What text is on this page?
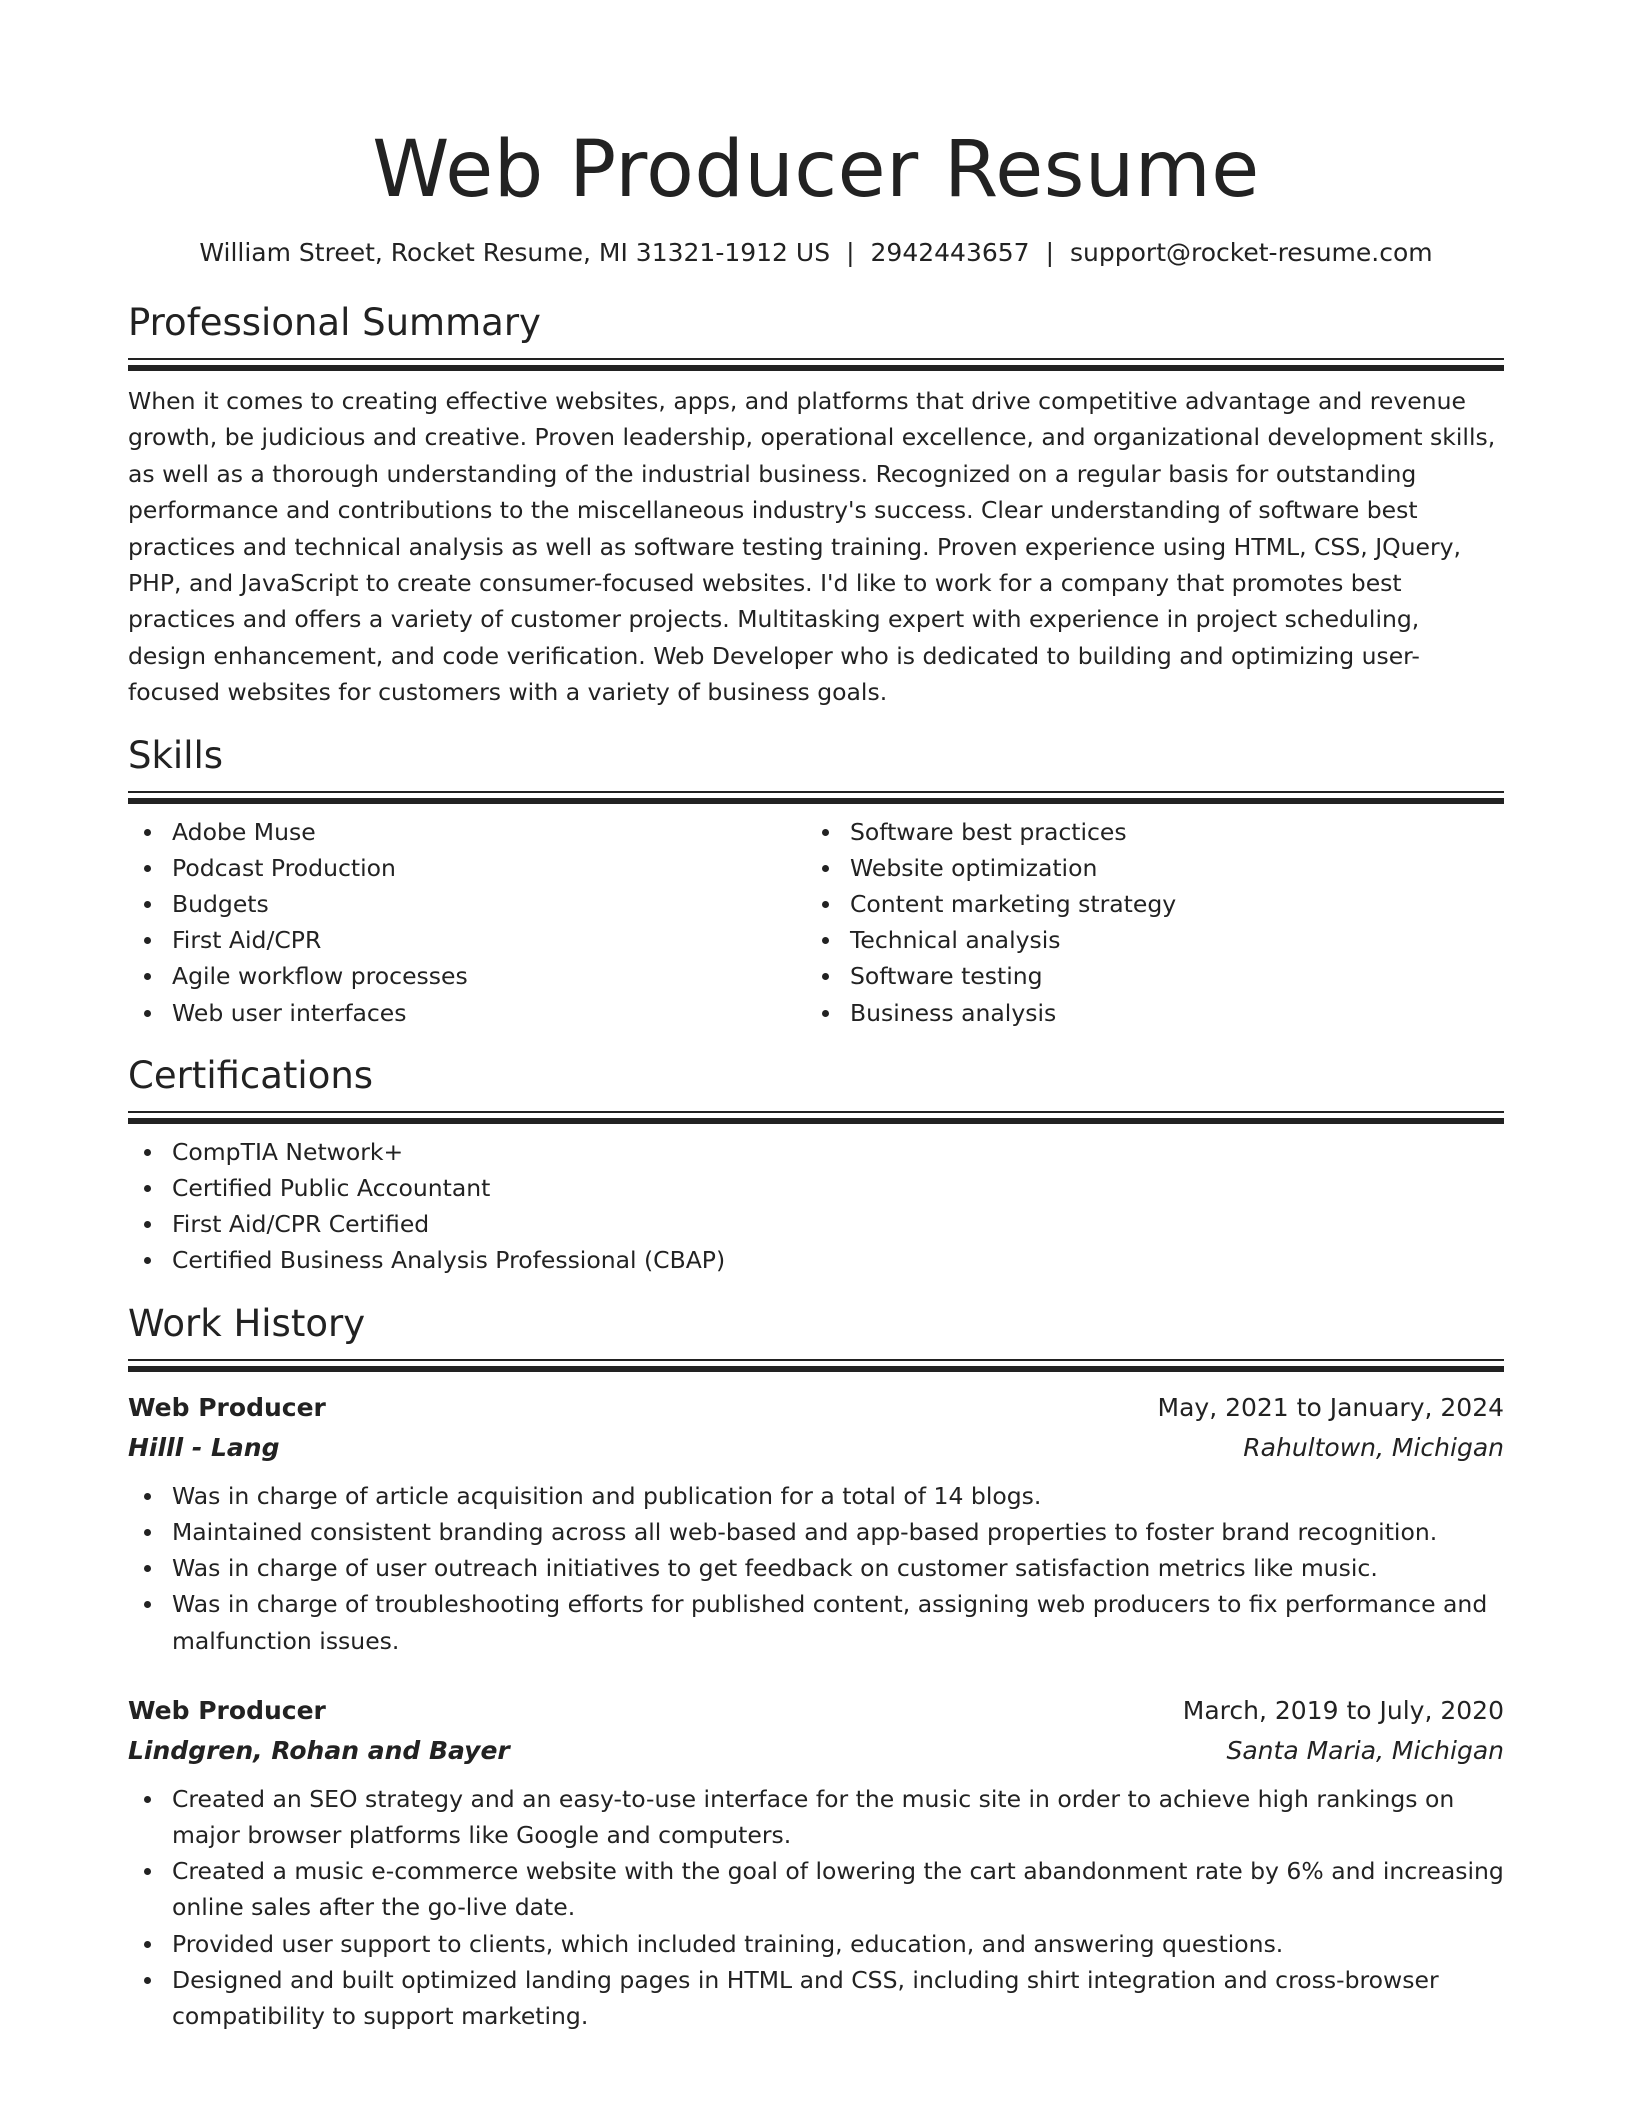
Web Producer Resume
William Street, Rocket Resume, MI 31321-1912 US | 2942443657 | support@rocket-resume.com
Professional Summary

When it comes to creating effective websites, apps, and platforms that drive competitive advantage and revenue growth, be judicious and creative. Proven leadership, operational excellence, and organizational development skills, as well as a thorough understanding of the industrial business. Recognized on a regular basis for outstanding performance and contributions to the miscellaneous industry's success. Clear understanding of software best practices and technical analysis as well as software testing training. Proven experience using HTML, CSS, JQuery, PHP, and JavaScript to create consumer-focused websites. I'd like to work for a company that promotes best practices and offers a variety of customer projects. Multitasking expert with experience in project scheduling, design enhancement, and code verification. Web Developer who is dedicated to building and optimizing user-focused websites for customers with a variety of business goals.

Skills
Adobe Muse
Podcast Production
Budgets
First Aid/CPR
Agile workflow processes
Web user interfaces
Software best practices
Website optimization
Content marketing strategy
Technical analysis
Software testing
Business analysis
Certifications
CompTIA Network+
Certified Public Accountant
First Aid/CPR Certified
Certified Business Analysis Professional (CBAP)
Work History
Web Producer	May, 2021 to January, 2024
Hilll - Lang	Rahultown, Michigan
Was in charge of article acquisition and publication for a total of 14 blogs.
Maintained consistent branding across all web-based and app-based properties to foster brand recognition.
Was in charge of user outreach initiatives to get feedback on customer satisfaction metrics like music.
Was in charge of troubleshooting efforts for published content, assigning web producers to fix performance and malfunction issues.
Web Producer	March, 2019 to July, 2020
Lindgren, Rohan and Bayer	Santa Maria, Michigan
Created an SEO strategy and an easy-to-use interface for the music site in order to achieve high rankings on major browser platforms like Google and computers.
Created a music e-commerce website with the goal of lowering the cart abandonment rate by 6% and increasing online sales after the go-live date.
Provided user support to clients, which included training, education, and answering questions.
Designed and built optimized landing pages in HTML and CSS, including shirt integration and cross-browser compatibility to support marketing.
